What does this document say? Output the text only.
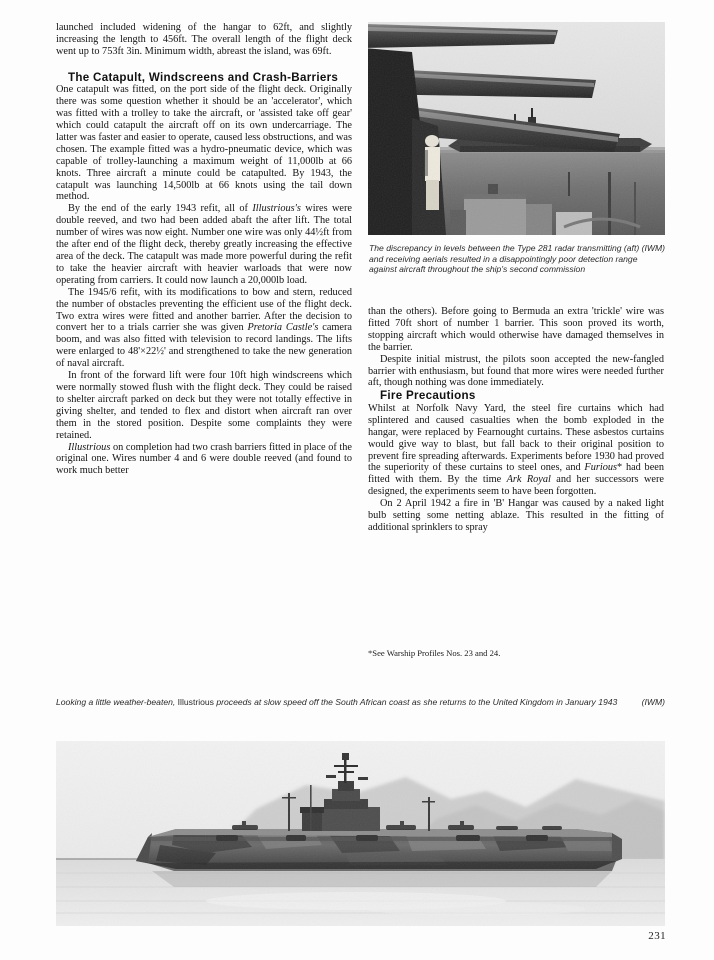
(IWM)
The discrepancy in levels between the Type 281 radar transmitting (aft) and receiving aerials resulted in a disappointingly poor detection range against aircraft throughout the ship's second commission

launched included widening of the hangar to 62ft, and slightly increasing the length to 456ft. The overall length of the flight deck went up to 753ft 3in. Minimum width, abreast the island, was 69ft.

The Catapult, Windscreens and Crash-Barriers

One catapult was fitted, on the port side of the flight deck. Originally there was some question whether it should be an 'accelerator', which was fitted with a trolley to take the aircraft, or 'assisted take off gear' which could catapult the aircraft off on its own undercarriage. The latter was faster and easier to operate, caused less obstructions, and was chosen. The example fitted was a hydro-pneumatic device, which was capable of trolley-launching a maximum weight of 11,000lb at 66 knots. Three aircraft a minute could be catapulted. By 1943, the catapult was launching 14,500lb at 66 knots using the tail down method.

By the end of the early 1943 refit, all of Illustrious's wires were double reeved, and two had been added abaft the after lift. The total number of wires was now eight. Number one wire was only 44½ft from the after end of the flight deck, thereby greatly increasing the effective area of the deck. The catapult was made more powerful during the refit to take the heavier aircraft with heavier warloads that were now operating from carriers. It could now launch a 20,000lb load.

The 1945/6 refit, with its modifications to bow and stern, reduced the number of obstacles preventing the efficient use of the flight deck. Two extra wires were fitted and another barrier. After the decision to convert her to a trials carrier she was given Pretoria Castle's camera boom, and was also fitted with television to record landings. The lifts were enlarged to 48'×22½' and strengthened to take the new generation of naval aircraft.

In front of the forward lift were four 10ft high windscreens which were normally stowed flush with the flight deck. They could be raised to shelter aircraft parked on deck but they were not totally effective in giving shelter, and tended to flex and distort when aircraft ran over them in the stored position. Despite some complaints they were retained.

Illustrious on completion had two crash barriers fitted in place of the original one. Wires number 4 and 6 were double reeved (and found to work much better

than the others). Before going to Bermuda an extra 'trickle' wire was fitted 70ft short of number 1 barrier. This soon proved its worth, stopping aircraft which would otherwise have damaged themselves in the barrier.

Despite initial mistrust, the pilots soon accepted the new-fangled barrier with enthusiasm, but found that more wires were needed further aft, though nothing was done immediately.

Fire Precautions

Whilst at Norfolk Navy Yard, the steel fire curtains which had splintered and caused casualties when the bomb exploded in the hangar, were replaced by Fearnought curtains. These asbestos curtains would give way to blast, but fall back to their original position to prevent fire spreading afterwards. Experiments before 1930 had proved the superiority of these curtains to steel ones, and Furious* had been fitted with them. By the time Ark Royal and her successors were designed, the experiments seem to have been forgotten.

On 2 April 1942 a fire in 'B' Hangar was caused by a naked light bulb setting some netting ablaze. This resulted in the fitting of additional sprinklers to spray

*See Warship Profiles Nos. 23 and 24.
(IWM)
Looking a little weather-beaten, Illustrious proceeds at slow speed off the South African coast as she returns to the United Kingdom in January 1943
231
